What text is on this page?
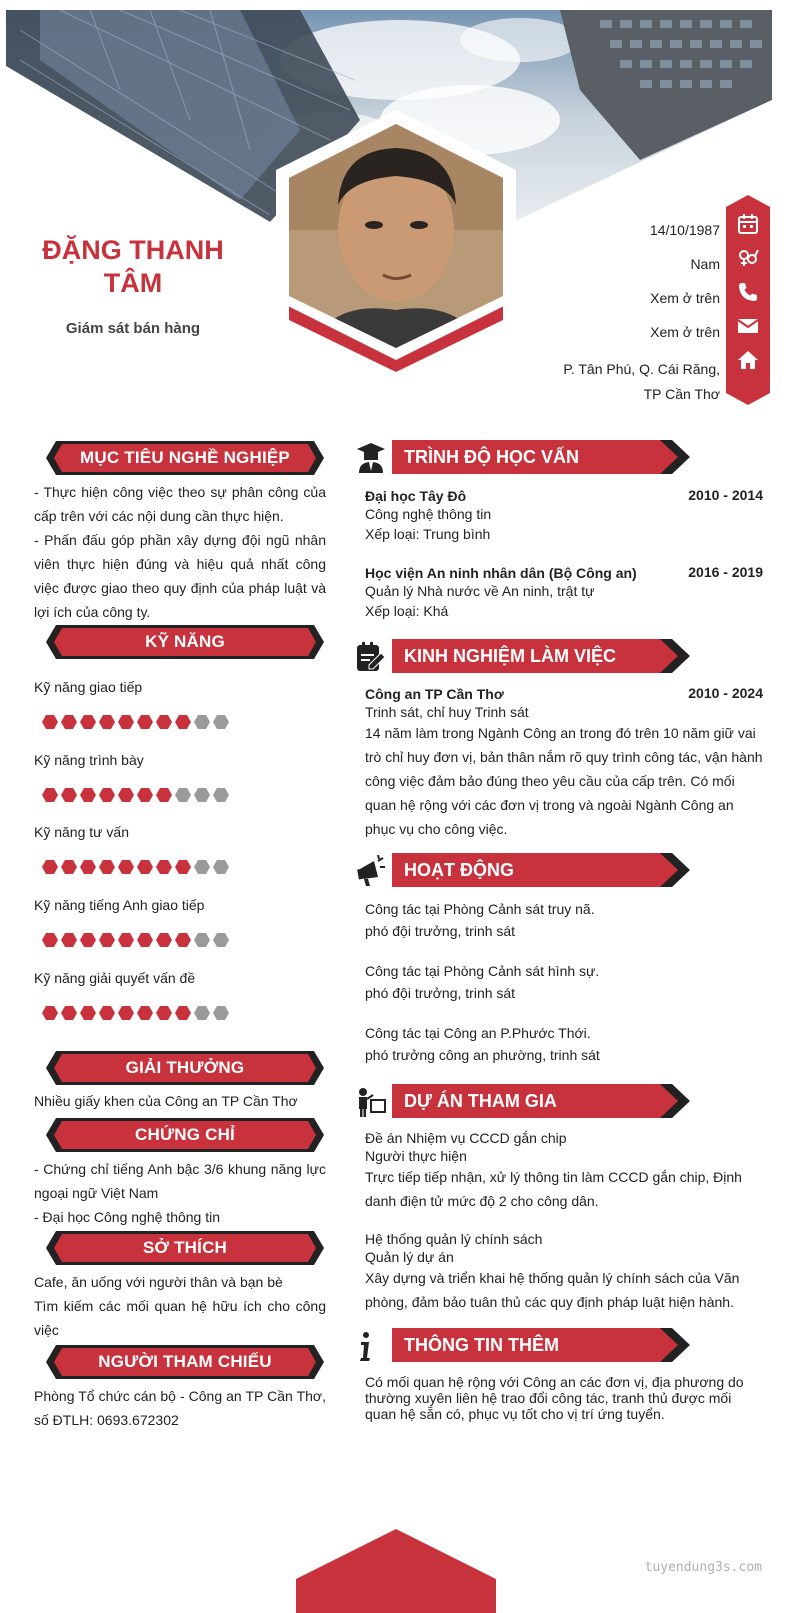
ĐẶNG THANH TÂM
Giám sát bán hàng
14/10/1987
Nam
Xem ở trên
Xem ở trên
P. Tân Phú, Q. Cái Răng,
TP Cần Thơ
MỤC TIÊU NGHỀ NGHIỆP
- Thực hiện công việc theo sự phân công của cấp trên với các nội dung cần thực hiện.
- Phấn đấu góp phần xây dựng đội ngũ nhân viên thực hiện đúng và hiệu quả nhất công việc được giao theo quy định của pháp luật và lợi ích của công ty.
KỸ NĂNG
Kỹ năng giao tiếp
Kỹ năng trình bày
Kỹ năng tư vấn
Kỹ năng tiếng Anh giao tiếp
Kỹ năng giải quyết vấn đề
GIẢI THƯỞNG
Nhiều giấy khen của Công an TP Cần Thơ
CHỨNG CHỈ
- Chứng chỉ tiếng Anh bậc 3/6 khung năng lực ngoại ngữ Việt Nam
- Đại học Công nghệ thông tin
SỞ THÍCH
Cafe, ăn uống với người thân và bạn bè
Tìm kiếm các mối quan hệ hữu ích cho công việc
NGƯỜI THAM CHIẾU
Phòng Tổ chức cán bộ - Công an TP Cần Thơ, số ĐTLH: 0693.672302
TRÌNH ĐỘ HỌC VẤN
Đại học Tây Đô
Công nghệ thông tin
Xếp loại: Trung bình
2010 - 2014
Học viện An ninh nhân dân (Bộ Công an)
Quản lý Nhà nước về An ninh, trật tự
Xếp loại: Khá
2016 - 2019
KINH NGHIỆM LÀM VIỆC
Công an TP Cần Thơ
Trinh sát, chỉ huy Trinh sát
14 năm làm trong Ngành Công an trong đó trên 10 năm giữ vai trò chỉ huy đơn vị, bản thân nắm rõ quy trình công tác, vận hành công việc đảm bảo đúng theo yêu cầu của cấp trên. Có mối quan hệ rộng với các đơn vị trong và ngoài Ngành Công an phục vụ cho công việc.
2010 - 2024
HOẠT ĐỘNG
Công tác tại Phòng Cảnh sát truy nã.
phó đội trưởng, trinh sát
Công tác tại Phòng Cảnh sát hình sự.
phó đội trưởng, trinh sát
Công tác tại Công an P.Phước Thới.
phó trưởng công an phường, trinh sát
DỰ ÁN THAM GIA
Đề án Nhiệm vụ CCCD gắn chip
Người thực hiện
Trực tiếp tiếp nhận, xử lý thông tin làm CCCD gắn chip, Định danh điện tử mức độ 2 cho công dân.
Hệ thống quản lý chính sách
Quản lý dự án
Xây dựng và triển khai hệ thống quản lý chính sách của Văn phòng, đảm bảo tuân thủ các quy định pháp luật hiện hành.
THÔNG TIN THÊM
Có mối quan hệ rộng với Công an các đơn vị, địa phương do thường xuyên liên hệ trao đổi công tác, tranh thủ được mối quan hệ sẵn có, phục vụ tốt cho vị trí ứng tuyển.
tuyendung3s.com
